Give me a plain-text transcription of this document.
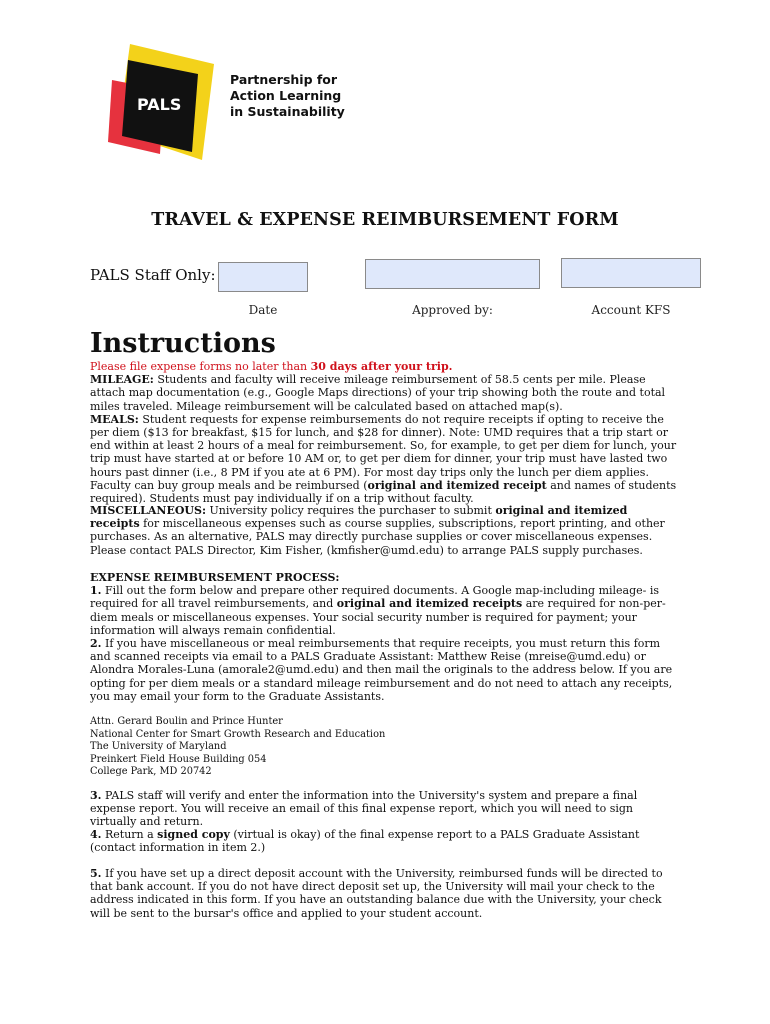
PALS
Partnership for
Action Learning
in Sustainability
TRAVEL & EXPENSE REIMBURSEMENT FORM
PALS Staff Only:
Date	Approved by:	Account KFS
Instructions

Please file expense forms no later than 30 days after your trip.

MILEAGE: Students and faculty will receive mileage reimbursement of 58.5 cents per mile. Please attach map documentation (e.g., Google Maps directions) of your trip showing both the route and total miles traveled. Mileage reimbursement will be calculated based on attached map(s).

MEALS: Student requests for expense reimbursements do not require receipts if opting to receive the per diem ($13 for breakfast, $15 for lunch, and $28 for dinner). Note: UMD requires that a trip start or end within at least 2 hours of a meal for reimbursement. So, for example, to get per diem for lunch, your trip must have started at or before 10 AM or, to get per diem for dinner, your trip must have lasted two hours past dinner (i.e., 8 PM if you ate at 6 PM). For most day trips only the lunch per diem applies. Faculty can buy group meals and be reimbursed (original and itemized receipt and names of students required). Students must pay individually if on a trip without faculty.

MISCELLANEOUS: University policy requires the purchaser to submit original and itemized receipts for miscellaneous expenses such as course supplies, subscriptions, report printing, and other purchases. As an alternative, PALS may directly purchase supplies or cover miscellaneous expenses. Please contact PALS Director, Kim Fisher, (kmfisher@umd.edu) to arrange PALS supply purchases.

EXPENSE REIMBURSEMENT PROCESS:

1. Fill out the form below and prepare other required documents. A Google map-including mileage- is required for all travel reimbursements, and original and itemized receipts are required for non-per-diem meals or miscellaneous expenses. Your social security number is required for payment; your information will always remain confidential.

2. If you have miscellaneous or meal reimbursements that require receipts, you must return this form and scanned receipts via email to a PALS Graduate Assistant: Matthew Reise (mreise@umd.edu) or Alondra Morales-Luna (amorale2@umd.edu) and then mail the originals to the address below. If you are opting for per diem meals or a standard mileage reimbursement and do not need to attach any receipts, you may email your form to the Graduate Assistants.

Attn. Gerard Boulin and Prince Hunter
National Center for Smart Growth Research and Education
The University of Maryland
Preinkert Field House Building 054
College Park, MD 20742

3. PALS staff will verify and enter the information into the University's system and prepare a final expense report. You will receive an email of this final expense report, which you will need to sign virtually and return.

4. Return a signed copy (virtual is okay) of the final expense report to a PALS Graduate Assistant (contact information in item 2.)

5. If you have set up a direct deposit account with the University, reimbursed funds will be directed to that bank account. If you do not have direct deposit set up, the University will mail your check to the address indicated in this form. If you have an outstanding balance due with the University, your check will be sent to the bursar's office and applied to your student account.
